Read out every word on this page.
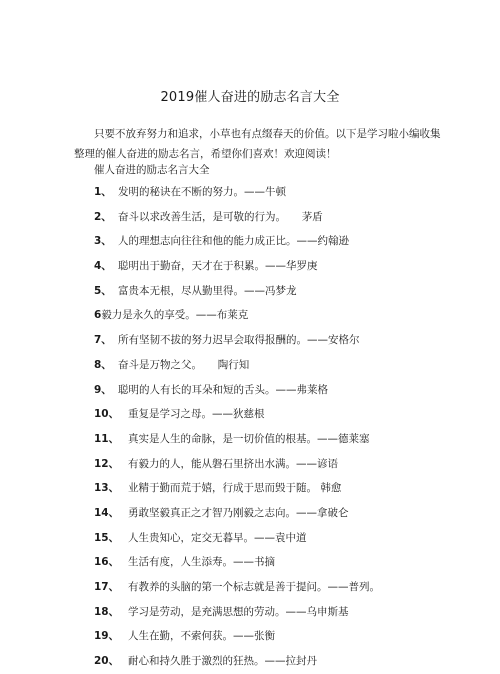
2019催人奋进的励志名言大全
只要不放弃努力和追求，小草也有点缀春天的价值。以下是学习啦小编收集
整理的催人奋进的励志名言，希望你们喜欢！欢迎阅读！
催人奋进的励志名言大全
1、 发明的秘诀在不断的努力。——牛顿
2、 奋斗以求改善生活，是可敬的行为。　　茅盾
3、 人的理想志向往往和他的能力成正比。——约翰逊
4、 聪明出于勤奋，天才在于积累。——华罗庚
5、 富贵本无根，尽从勤里得。——冯梦龙
6毅力是永久的享受。——布莱克
7、 所有坚韧不拔的努力迟早会取得报酬的。——安格尔
8、 奋斗是万物之父。　　陶行知
9、 聪明的人有长的耳朵和短的舌头。——弗莱格
10、 重复是学习之母。——狄慈根
11、 真实是人生的命脉，是一切价值的根基。——德莱塞
12、 有毅力的人，能从磐石里挤出水满。——谚语
13、 业精于勤而荒于嬉，行成于思而毁于随。 韩愈
14、 勇敢坚毅真正之才智乃刚毅之志向。——拿破仑
15、 人生贵知心，定交无暮早。——袁中道
16、 生活有度，人生添寿。——书摘
17、 有教养的头脑的第一个标志就是善于提问。——普列。
18、 学习是劳动，是充满思想的劳动。——乌申斯基
19、 人生在勤，不索何获。——张衡
20、 耐心和持久胜于激烈的狂热。——拉封丹
